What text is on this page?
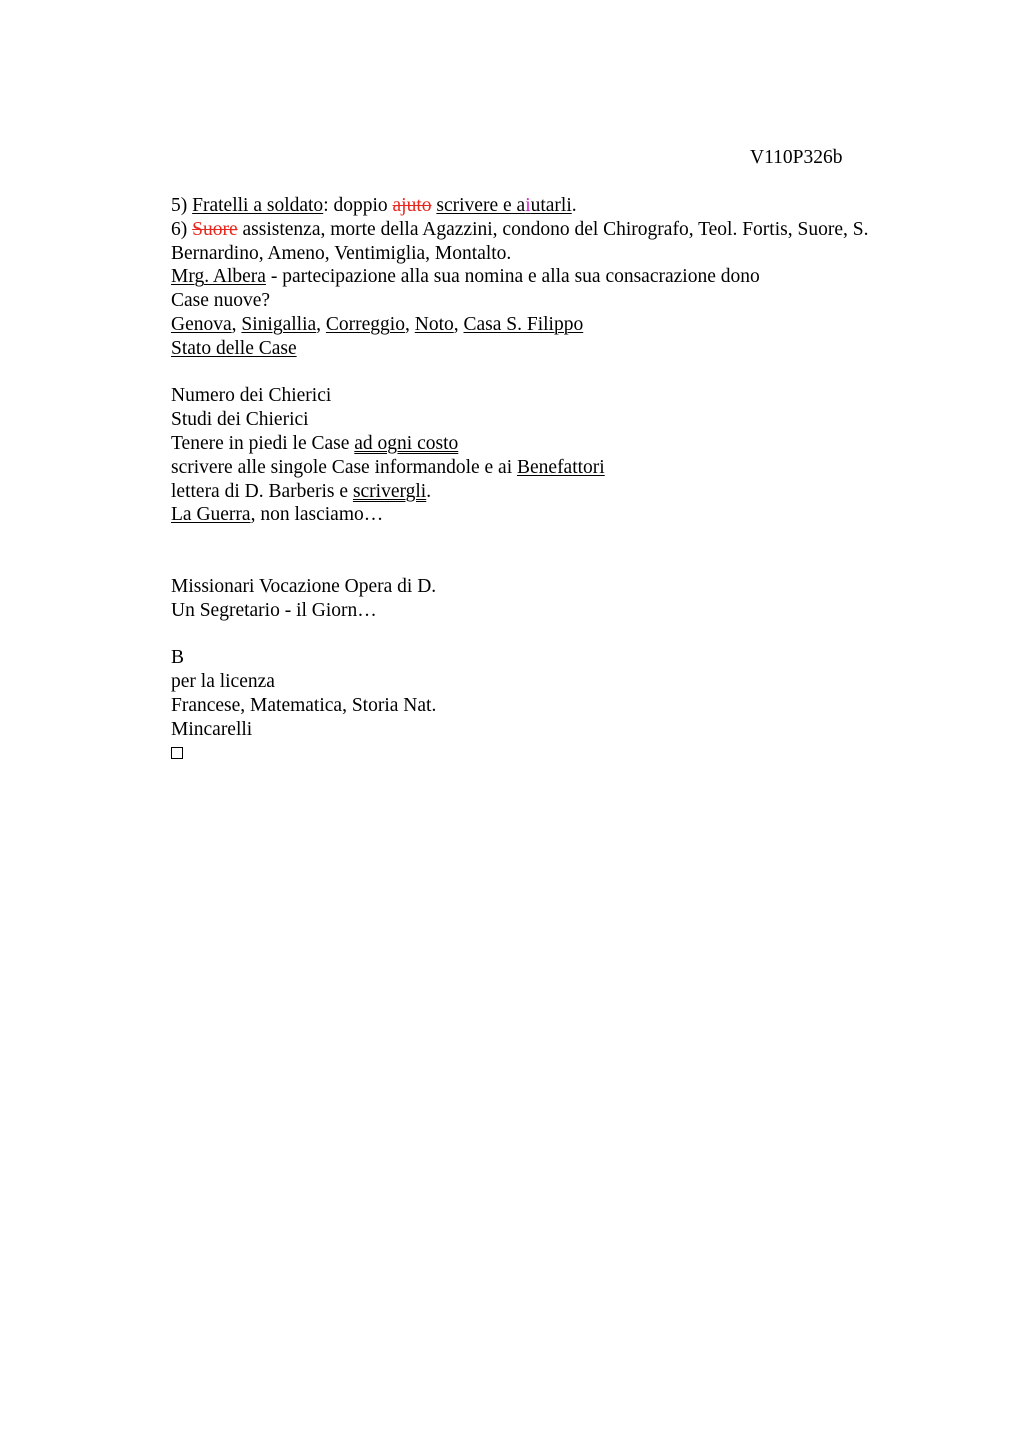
V110P326b
5) Fratelli a soldato: doppio ajuto scrivere e aiutarli.
6) Suore assistenza, morte della Agazzini, condono del Chirografo, Teol. Fortis, Suore, S. Bernardino, Ameno, Ventimiglia, Montalto.
Mrg. Albera - partecipazione alla sua nomina e alla sua consacrazione dono
Case nuove?
Genova, Sinigallia, Correggio, Noto, Casa S. Filippo
Stato delle Case
Numero dei Chierici
Studi dei Chierici
Tenere in piedi le Case ad ogni costo
scrivere alle singole Case informandole e ai Benefattori
lettera di D. Barberis e scrivergli.
La Guerra, non lasciamo…
Missionari Vocazione Opera di D.
Un Segretario - il Giorn…
B
per la licenza
Francese, Matematica, Storia Nat.
Mincarelli
